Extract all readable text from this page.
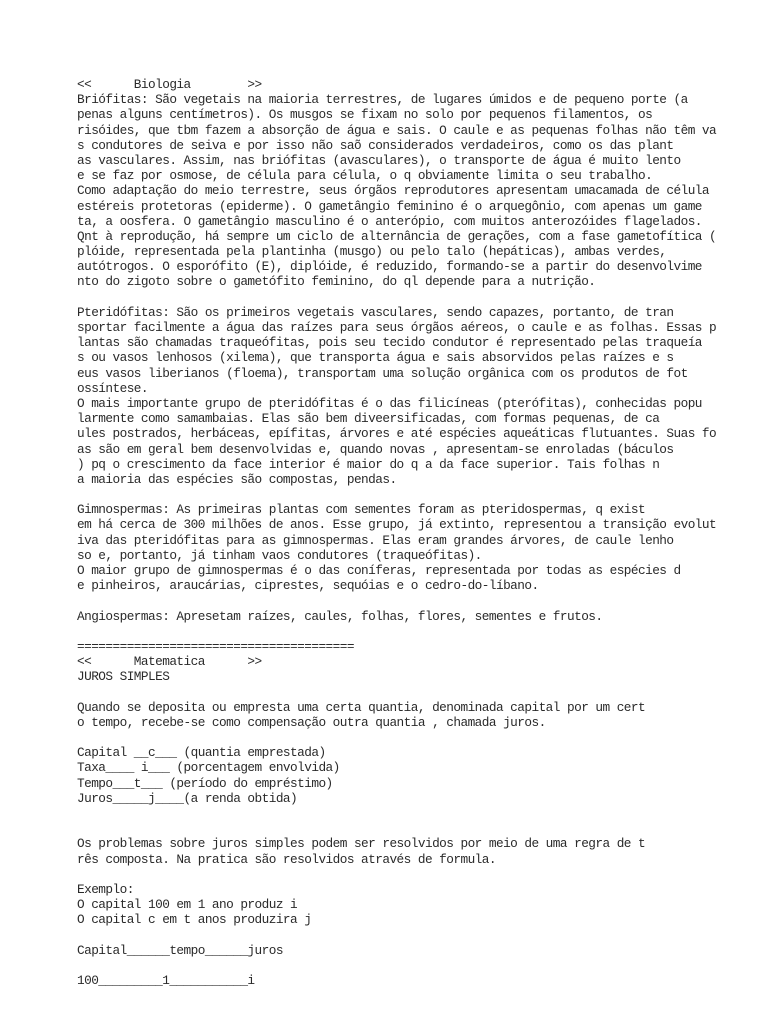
<<      Biologia        >>
Briófitas: São vegetais na maioria terrestres, de lugares úmidos e de pequeno porte (a
penas alguns centímetros). Os musgos se fixam no solo por pequenos filamentos, os
risóides, que tbm fazem a absorção de água e sais. O caule e as pequenas folhas não têm va
s condutores de seiva e por isso não saõ considerados verdadeiros, como os das plant
as vasculares. Assim, nas briófitas (avasculares), o transporte de água é muito lento
e se faz por osmose, de célula para célula, o q obviamente limita o seu trabalho.
Como adaptação do meio terrestre, seus órgãos reprodutores apresentam umacamada de célula
estéreis protetoras (epiderme). O gametângio feminino é o arquegônio, com apenas um game
ta, a oosfera. O gametângio masculino é o anterópio, com muitos anterozóides flagelados.
Qnt à reprodução, há sempre um ciclo de alternância de gerações, com a fase gametofítica (
plóide, representada pela plantinha (musgo) ou pelo talo (hepáticas), ambas verdes,
autótrogos. O esporófito (E), diplóide, é reduzido, formando-se a partir do desenvolvime
nto do zigoto sobre o gametófito feminino, do ql depende para a nutrição.
Pteridófitas: São os primeiros vegetais vasculares, sendo capazes, portanto, de tran
sportar facilmente a água das raízes para seus órgãos aéreos, o caule e as folhas. Essas p
lantas são chamadas traqueófitas, pois seu tecido condutor é representado pelas traqueía
s ou vasos lenhosos (xilema), que transporta água e sais absorvidos pelas raízes e s
eus vasos liberianos (floema), transportam uma solução orgânica com os produtos de fot
ossíntese.
O mais importante grupo de pteridófitas é o das filicíneas (pterófitas), conhecidas popu
larmente como samambaias. Elas são bem diveersificadas, com formas pequenas, de ca
ules postrados, herbáceas, epífitas, árvores e até espécies aqueáticas flutuantes. Suas fo
as são em geral bem desenvolvidas e, quando novas , apresentam-se enroladas (báculos
) pq o crescimento da face interior é maior do q a da face superior. Tais folhas n
a maioria das espécies são compostas, pendas.
Gimnospermas: As primeiras plantas com sementes foram as pteridospermas, q exist
em há cerca de 300 milhões de anos. Esse grupo, já extinto, representou a transição evolut
iva das pteridófitas para as gimnospermas. Elas eram grandes árvores, de caule lenho
so e, portanto, já tinham vaos condutores (traqueófitas).
O maior grupo de gimnospermas é o das coníferas, representada por todas as espécies d
e pinheiros, araucárias, ciprestes, sequóias e o cedro-do-líbano.
Angiospermas: Apresetam raízes, caules, folhas, flores, sementes e frutos.
=======================================
<<      Matematica      >>
JUROS SIMPLES
Quando se deposita ou empresta uma certa quantia, denominada capital por um cert
o tempo, recebe-se como compensação outra quantia , chamada juros.
Capital __c___ (quantia emprestada)
Taxa____ i___ (porcentagem envolvida)
Tempo___t___ (período do empréstimo)
Juros_____j____(a renda obtida)
Os problemas sobre juros simples podem ser resolvidos por meio de uma regra de t
rês composta. Na pratica são resolvidos através de formula.
Exemplo:
O capital 100 em 1 ano produz i
O capital c em t anos produzira j
Capital______tempo______juros
100_________1___________i
